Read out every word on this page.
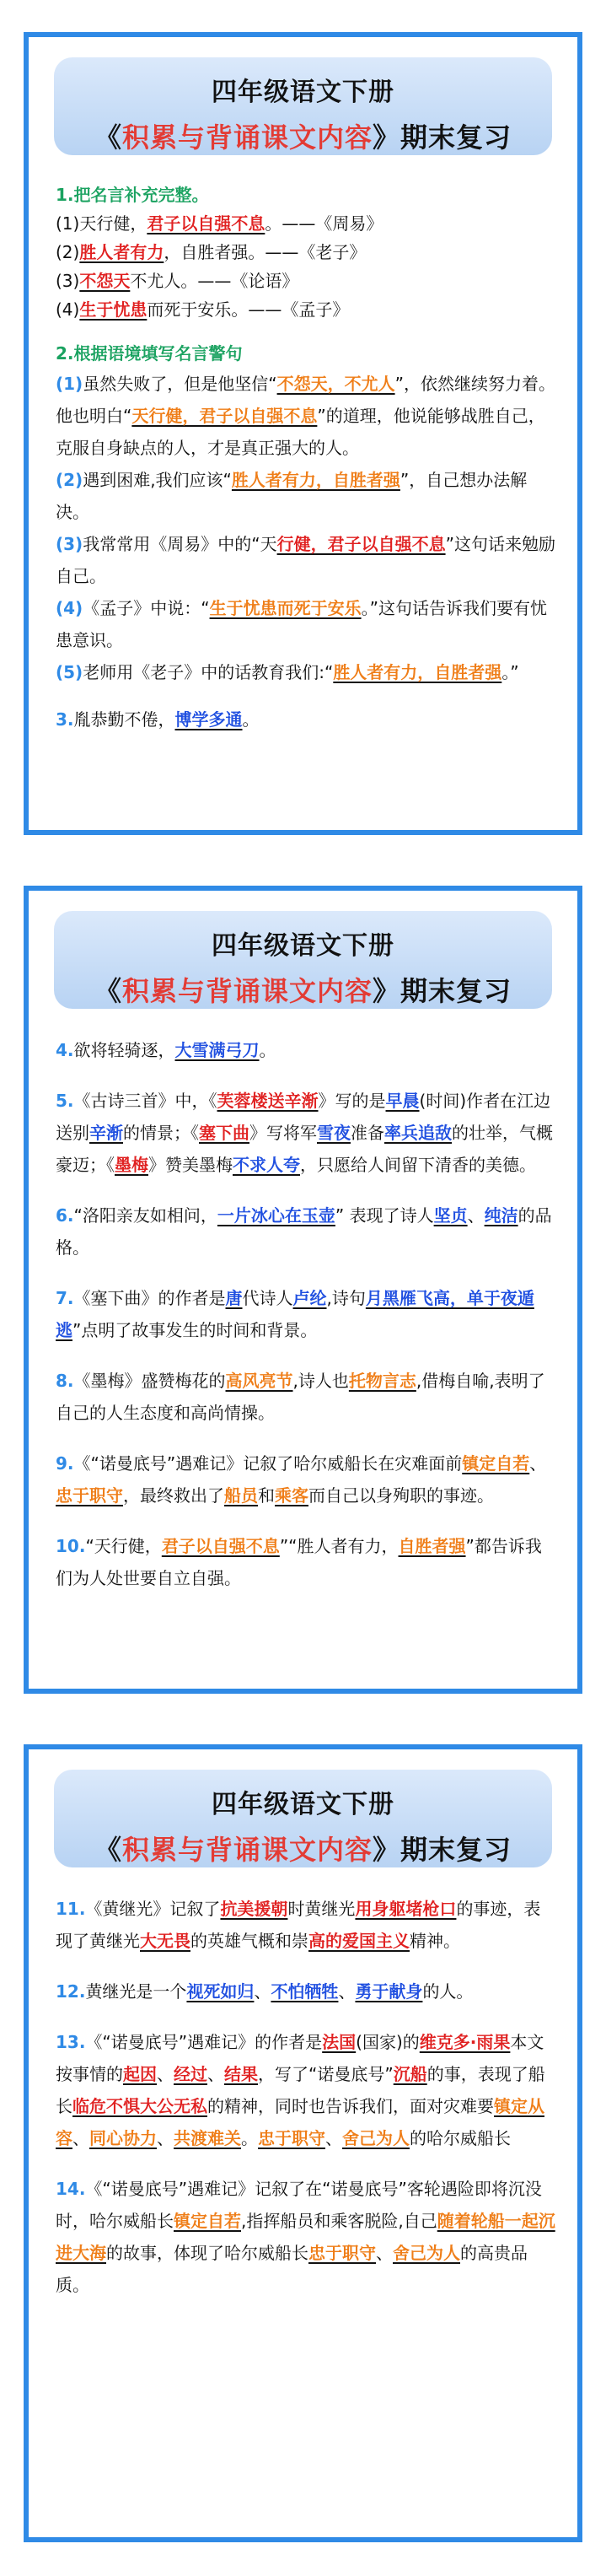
四年级语文下册
《积累与背诵课文内容》期末复习
1.把名言补充完整。
(1)天行健，君子以自强不息。——《周易》
(2)胜人者有力，自胜者强。——《老子》
(3)不怨天不尤人。——《论语》
(4)生于忧患而死于安乐。——《孟子》
2.根据语境填写名言警句
(1)虽然失败了，但是他坚信“不怨天，不尤人”，依然继续努力着。他也明白“天行健，君子以自强不息”的道理，他说能够战胜自己，克服自身缺点的人，才是真正强大的人。
(2)遇到困难,我们应该“胜人者有力，自胜者强”，自己想办法解决。
(3)我常常用《周易》中的“天行健，君子以自强不息”这句话来勉励自己。
(4)《孟子》中说：“生于忧患而死于安乐。”这句话告诉我们要有忧患意识。
(5)老师用《老子》中的话教育我们:“胜人者有力，自胜者强。”
3.胤恭勤不倦，博学多通。
四年级语文下册
《积累与背诵课文内容》期末复习
4.欲将轻骑逐，大雪满弓刀。
5.《古诗三首》中，《芙蓉楼送辛渐》写的是早晨(时间)作者在江边送别辛渐的情景；《塞下曲》写将军雪夜准备率兵追敌的壮举，气概豪迈；《墨梅》赞美墨梅不求人夸，只愿给人间留下清香的美德。
6.“洛阳亲友如相问，一片冰心在玉壶” 表现了诗人坚贞、纯洁的品格。
7.《塞下曲》的作者是唐代诗人卢纶,诗句月黑雁飞高，单于夜遁逃”点明了故事发生的时间和背景。
8.《墨梅》盛赞梅花的高风亮节,诗人也托物言志,借梅自喻,表明了自己的人生态度和高尚情操。
9.《“诺曼底号”遇难记》记叙了哈尔威船长在灾难面前镇定自若、忠于职守，最终救出了船员和乘客而自己以身殉职的事迹。
10.“天行健，君子以自强不息”“胜人者有力，自胜者强”都告诉我们为人处世要自立自强。
四年级语文下册
《积累与背诵课文内容》期末复习
11.《黄继光》记叙了抗美援朝时黄继光用身躯堵枪口的事迹，表现了黄继光大无畏的英雄气概和崇高的爱国主义精神。
12.黄继光是一个视死如归、不怕牺牲、勇于献身的人。
13.《“诺曼底号”遇难记》的作者是法国(国家)的维克多·雨果本文按事情的起因、经过、结果，写了“诺曼底号”沉船的事，表现了船长临危不惧大公无私的精神，同时也告诉我们，面对灾难要镇定从容、同心协力、共渡难关。忠于职守、舍己为人的哈尔威船长
14.《“诺曼底号”遇难记》记叙了在“诺曼底号”客轮遇险即将沉没时，哈尔威船长镇定自若,指挥船员和乘客脱险,自己随着轮船一起沉进大海的故事，体现了哈尔威船长忠于职守、舍己为人的高贵品质。
